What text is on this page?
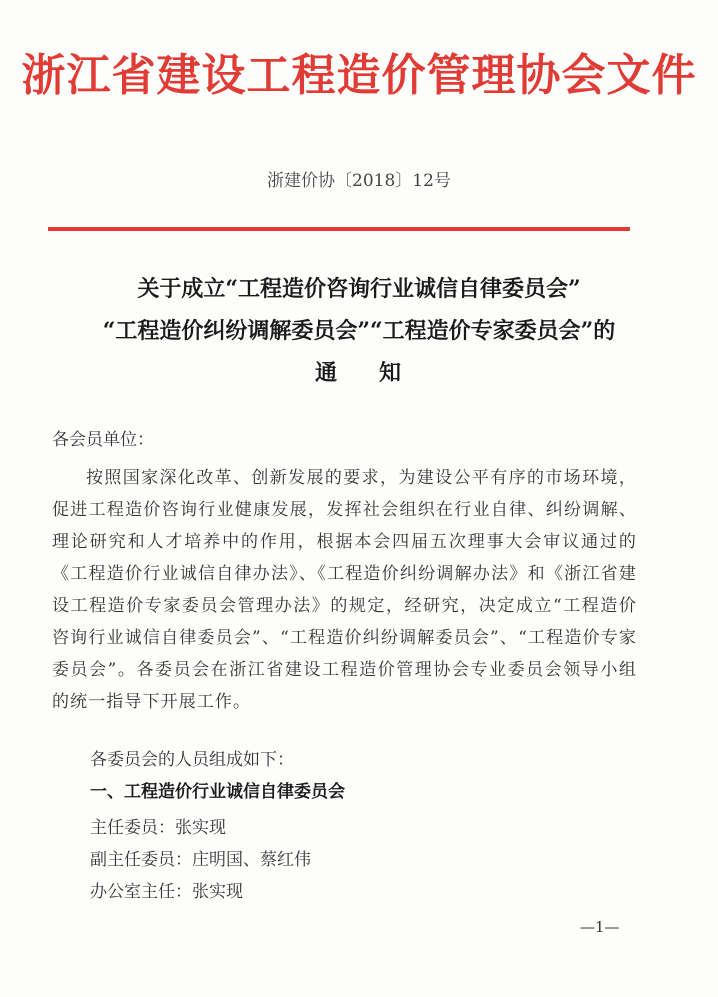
浙江省建设工程造价管理协会文件
浙建价协〔2018〕12号
关于成立“工程造价咨询行业诚信自律委员会”
“工程造价纠纷调解委员会”“工程造价专家委员会”的
通 知
各会员单位：
按照国家深化改革、创新发展的要求，为建设公平有序的市场环境，促进工程造价咨询行业健康发展，发挥社会组织在行业自律、纠纷调解、理论研究和人才培养中的作用，根据本会四届五次理事大会审议通过的《工程造价行业诚信自律办法》、《工程造价纠纷调解办法》和《浙江省建设工程造价专家委员会管理办法》的规定，经研究，决定成立“工程造价咨询行业诚信自律委员会”、“工程造价纠纷调解委员会”、“工程造价专家委员会”。各委员会在浙江省建设工程造价管理协会专业委员会领导小组的统一指导下开展工作。
各委员会的人员组成如下：
一、工程造价行业诚信自律委员会
主任委员：张实现
副主任委员：庄明国、蔡红伟
办公室主任：张实现
—1—
